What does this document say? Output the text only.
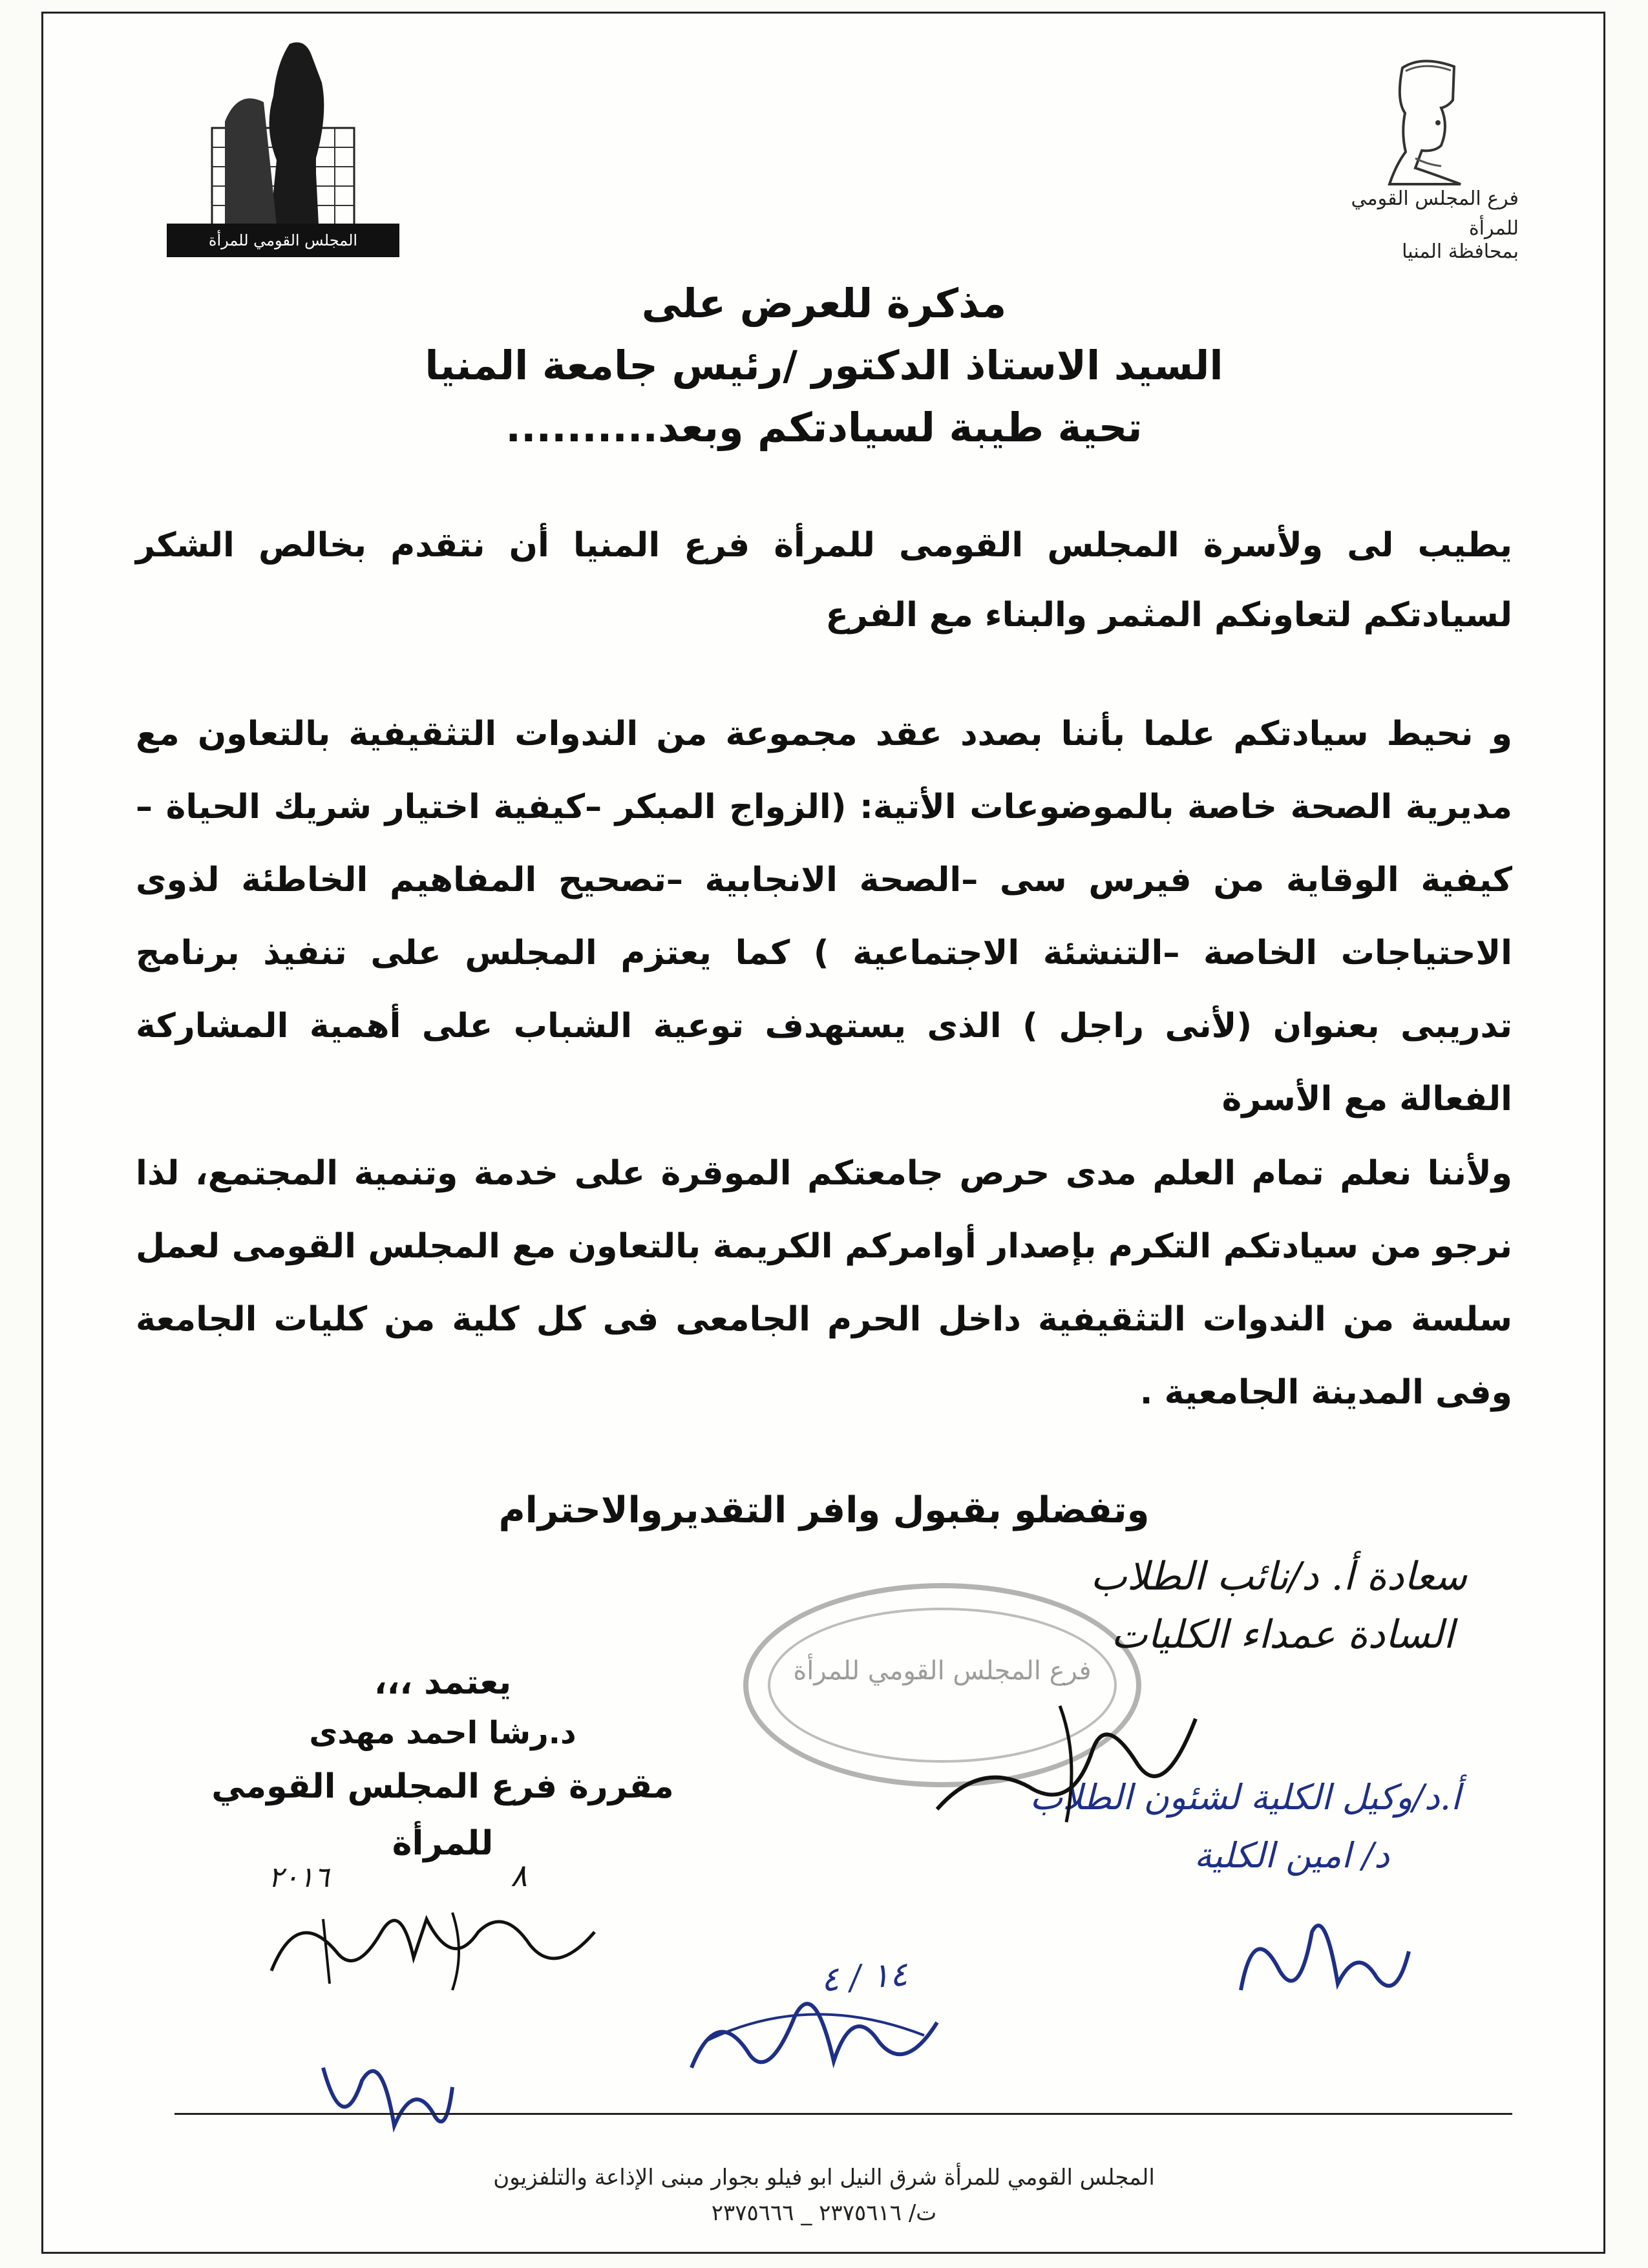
فرع المجلس القومي للمرأة
بمحافظة المنيا
المجلس القومي للمرأة
مذكرة للعرض على
السيد الاستاذ الدكتور /رئيس جامعة المنيا
تحية طيبة لسيادتكم وبعد..........
يطيب لى ولأسرة المجلس القومى للمرأة فرع المنيا أن نتقدم بخالص الشكر لسيادتكم لتعاونكم المثمر والبناء مع الفرع
و نحيط سيادتكم علما بأننا بصدد عقد مجموعة من الندوات التثقيفية بالتعاون مع مديرية الصحة خاصة بالموضوعات الأتية: (الزواج المبكر –كيفية اختيار شريك الحياة –كيفية الوقاية من فيرس سى –الصحة الانجابية –تصحيح المفاهيم الخاطئة لذوى الاحتياجات الخاصة –التنشئة الاجتماعية ) كما يعتزم المجلس على تنفيذ برنامج تدريبى بعنوان (لأنى راجل ) الذى يستهدف توعية الشباب على أهمية المشاركة الفعالة مع الأسرة
ولأننا نعلم تمام العلم مدى حرص جامعتكم الموقرة على خدمة وتنمية المجتمع، لذا نرجو من سيادتكم التكرم بإصدار أوامركم الكريمة بالتعاون مع المجلس القومى لعمل سلسة من الندوات التثقيفية داخل الحرم الجامعى فى كل كلية من كليات الجامعة وفى المدينة الجامعية .
وتفضلو بقبول وافر التقديروالاحترام
فرع المجلس القومي للمرأة
سعادة أ. د/نائب الطلاب
السادة عمداء الكليات
أ.د/وكيل الكلية لشئون الطلاب
د/ امين الكلية
١٤ / ٤
يعتمد ،،،
د.رشا احمد مهدى
مقررة فرع المجلس القومي للمرأة
٨
٢٠١٦
المجلس القومي للمرأة شرق النيل ابو فيلو بجوار مبنى الإذاعة والتلفزيون
ت/ ٢٣٧٥٦١٦ _ ٢٣٧٥٦٦٦
